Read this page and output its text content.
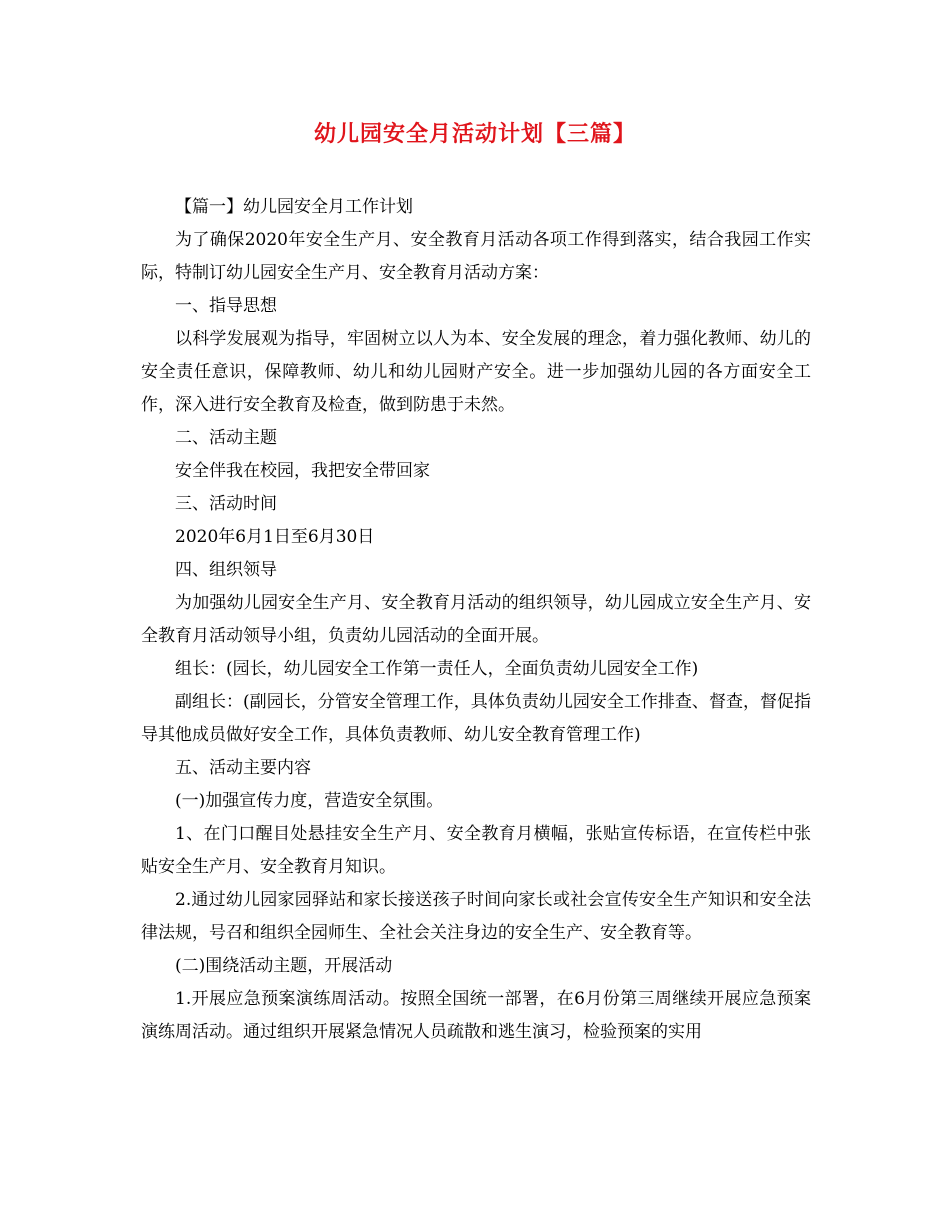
幼儿园安全月活动计划【三篇】

【篇一】幼儿园安全月工作计划

为了确保2020年安全生产月、安全教育月活动各项工作得到落实，结合我园工作实际，特制订幼儿园安全生产月、安全教育月活动方案：

一、指导思想

以科学发展观为指导，牢固树立以人为本、安全发展的理念，着力强化教师、幼儿的安全责任意识，保障教师、幼儿和幼儿园财产安全。进一步加强幼儿园的各方面安全工作，深入进行安全教育及检查，做到防患于未然。

二、活动主题

安全伴我在校园，我把安全带回家

三、活动时间

2020年6月1日至6月30日

四、组织领导

为加强幼儿园安全生产月、安全教育月活动的组织领导，幼儿园成立安全生产月、安全教育月活动领导小组，负责幼儿园活动的全面开展。

组长：(园长，幼儿园安全工作第一责任人，全面负责幼儿园安全工作)

副组长：(副园长，分管安全管理工作，具体负责幼儿园安全工作排查、督查，督促指导其他成员做好安全工作，具体负责教师、幼儿安全教育管理工作)

五、活动主要内容

(一)加强宣传力度，营造安全氛围。

1、在门口醒目处悬挂安全生产月、安全教育月横幅，张贴宣传标语，在宣传栏中张贴安全生产月、安全教育月知识。

2.通过幼儿园家园驿站和家长接送孩子时间向家长或社会宣传安全生产知识和安全法律法规，号召和组织全园师生、全社会关注身边的安全生产、安全教育等。

(二)围绕活动主题，开展活动

1.开展应急预案演练周活动。按照全国统一部署，在6月份第三周继续开展应急预案演练周活动。通过组织开展紧急情况人员疏散和逃生演习，检验预案的实用
